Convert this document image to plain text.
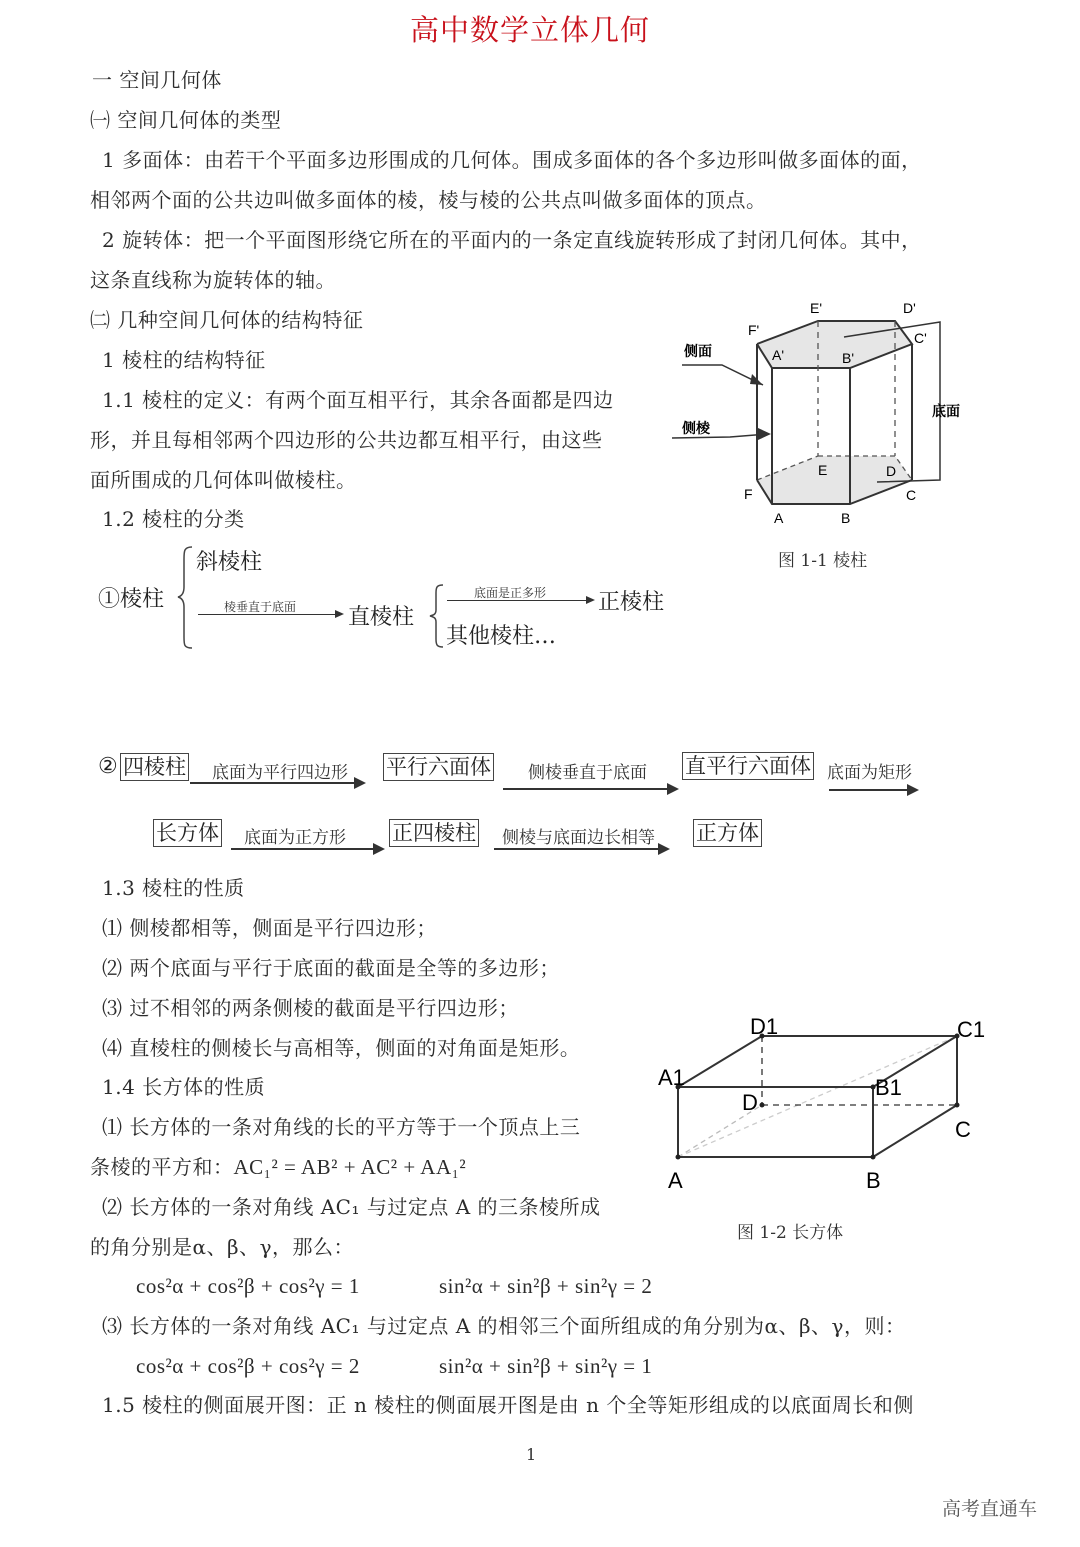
高中数学立体几何
一 空间几何体
㈠ 空间几何体的类型
1 多面体：由若干个平面多边形围成的几何体。围成多面体的各个多边形叫做多面体的面，
相邻两个面的公共边叫做多面体的棱，棱与棱的公共点叫做多面体的顶点。
2 旋转体：把一个平面图形绕它所在的平面内的一条定直线旋转形成了封闭几何体。其中，
这条直线称为旋转体的轴。
㈡ 几种空间几何体的结构特征
1 棱柱的结构特征
1.1 棱柱的定义：有两个面互相平行，其余各面都是四边
形，并且每相邻两个四边形的公共边都互相平行，由这些
面所围成的几何体叫做棱柱。
1.2 棱柱的分类
侧面
侧棱
底面
A	B
C
D
E
F
A'	B'
C'
D'
E'
F'
图 1-1 棱柱
①棱柱
斜棱柱
棱垂直于底面 直棱柱
底面是正多形 正棱柱
其他棱柱…
② 四棱柱 底面为平行四边形 平行六面体 侧棱垂直于底面 直平行六面体 底面为矩形
长方体 底面为正方形 正四棱柱 侧棱与底面边长相等 正方体
1.3 棱柱的性质
⑴ 侧棱都相等，侧面是平行四边形；
⑵ 两个底面与平行于底面的截面是全等的多边形；
⑶ 过不相邻的两条侧棱的截面是平行四边形；
⑷ 直棱柱的侧棱长与高相等，侧面的对角面是矩形。
1.4 长方体的性质
⑴ 长方体的一条对角线的长的平方等于一个顶点上三
条棱的平方和：AC₁² = AB² + AC² + AA₁²
⑵ 长方体的一条对角线 AC₁ 与过定点 A 的三条棱所成
的角分别是α、β、γ，那么：
cos²α + cos²β + cos²γ = 1	sin²α + sin²β + sin²γ = 2
⑶ 长方体的一条对角线 AC₁ 与过定点 A 的相邻三个面所组成的角分别为α、β、γ，则：
cos²α + cos²β + cos²γ = 2	sin²α + sin²β + sin²γ = 1
A	B
C
D
A1	B1
C1
D1
图 1-2 长方体
1.5 棱柱的侧面展开图：正 n 棱柱的侧面展开图是由 n 个全等矩形组成的以底面周长和侧
1
高考直通车
